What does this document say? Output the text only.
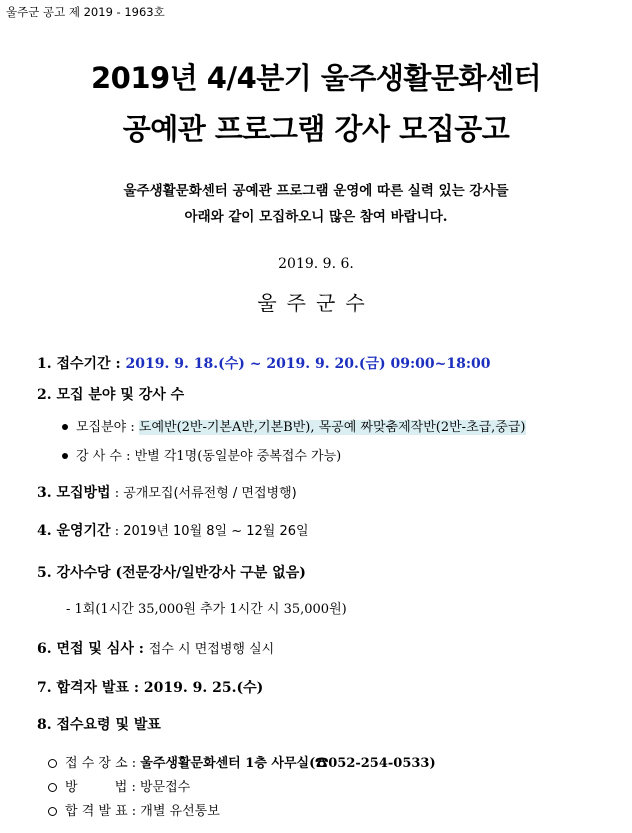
울주군 공고 제 2019 - 1963호
2019년 4/4분기 울주생활문화센터
공예관 프로그램 강사 모집공고
울주생활문화센터 공예관 프로그램 운영에 따른 실력 있는 강사들
아래와 같이 모집하오니 많은 참여 바랍니다.
2019. 9. 6.
울주군수
1. 접수기간 : 2019. 9. 18.(수) ~ 2019. 9. 20.(금) 09:00~18:00
2. 모집 분야 및 강사 수
모집분야 : 도예반(2반-기본A반,기본B반), 목공예 짜맞춤제작반(2반-초급,중급)
강 사 수 : 반별 각1명(동일분야 중복접수 가능)
3. 모집방법 : 공개모집(서류전형 / 면접병행)
4. 운영기간 : 2019년 10월 8일 ~ 12월 26일
5. 강사수당 (전문강사/일반강사 구분 없음)
- 1회(1시간 35,000원 추가 1시간 시 35,000원)
6. 면접 및 심사 : 접수 시 면접병행 실시
7. 합격자 발표 : 2019. 9. 25.(수)
8. 접수요령 및 발표
접 수 장 소 : 울주생활문화센터 1층 사무실(☎052-254-0533)
방         법 : 방문접수
합 격 발 표 : 개별 유선통보
